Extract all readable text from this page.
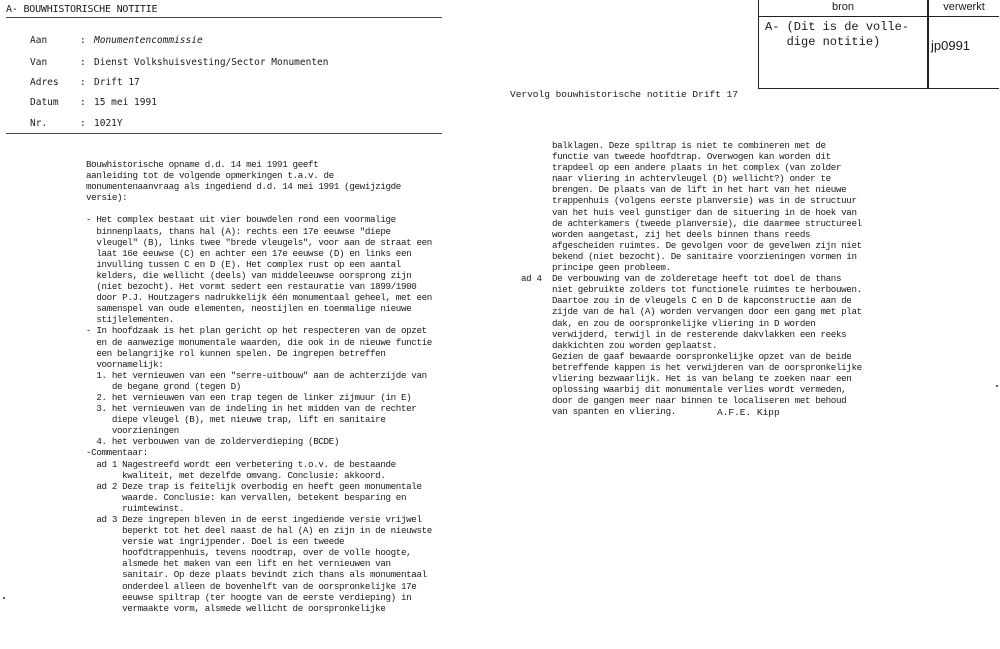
A- BOUWHISTORISCHE NOTITIE
Aan	: Monumentencommissie
Van	: Dienst Volkshuisvesting/Sector Monumenten
Adres : Drift 17
Datum : 15 mei 1991
Nr.	: 1021Y
bron	verwerkt
A- (Dit is de volle-
dige notitie)	jp0991
Vervolg bouwhistorische notitie Drift 17
Bouwhistorische opname d.d. 14 mei 1991 geeft
aanleiding tot de volgende opmerkingen t.a.v. de
monumentenaanvraag als ingediend d.d. 14 mei 1991 (gewijzigde
versie):

- Het complex bestaat uit vier bouwdelen rond een voormalige
binnenplaats, thans hal (A): rechts een 17e eeuwse "diepe
vleugel" (B), links twee "brede vleugels", voor aan de straat een
laat 16e eeuwse (C) en achter een 17e eeuwse (D) en links een
invulling tussen C en D (E). Het complex rust op een aantal
kelders, die wellicht (deels) van middeleeuwse oorsprong zijn
(niet bezocht). Het vormt sedert een restauratie van 1899/1900
door P.J. Houtzagers nadrukkelijk één monumentaal geheel, met een
samenspel van oude elementen, neostijlen en toenmalige nieuwe
stijlelementen.
- In hoofdzaak is het plan gericht op het respecteren van de opzet
en de aanwezige monumentale waarden, die ook in de nieuwe functie
een belangrijke rol kunnen spelen. De ingrepen betreffen
voornamelijk:
1. het vernieuwen van een "serre-uitbouw" aan de achterzijde van
de begane grond (tegen D)
2. het vernieuwen van een trap tegen de linker zijmuur (in E)
3. het vernieuwen van de indeling in het midden van de rechter
diepe vleugel (B), met nieuwe trap, lift en sanitaire
voorzieningen
4. het verbouwen van de zolderverdieping (BCDE)
-Commentaar:
ad 1 Nagestreefd wordt een verbetering t.o.v. de bestaande
kwaliteit, met dezelfde omvang. Conclusie: akkoord.
ad 2 Deze trap is feitelijk overbodig en heeft geen monumentale
waarde. Conclusie: kan vervallen, betekent besparing en
ruimtewinst.
ad 3 Deze ingrepen bleven in de eerst ingediende versie vrijwel
beperkt tot het deel naast de hal (A) en zijn in de nieuwste
versie wat ingrijpender. Doel is een tweede
hoofdtrappenhuis, tevens noodtrap, over de volle hoogte,
alsmede het maken van een lift en het vernieuwen van
sanitair. Op deze plaats bevindt zich thans als monumentaal
onderdeel alleen de bovenhelft van de oorspronkelijke 17e
eeuwse spiltrap (ter hoogte van de eerste verdieping) in
vermaakte vorm, alsmede wellicht de oorspronkelijke
balklagen. Deze spiltrap is niet te combineren met de
functie van tweede hoofdtrap. Overwogen kan worden dit
trapdeel op een andere plaats in het complex (van zolder
naar vliering in achtervleugel (D) wellicht?) onder te
brengen. De plaats van de lift in het hart van het nieuwe
trappenhuis (volgens eerste planversie) was in de structuur
van het huis veel gunstiger dan de situering in de hoek van
de achterkamers (tweede planversie), die daarmee structureel
worden aangetast, zij het deels binnen thans reeds
afgescheiden ruimtes. De gevolgen voor de gevelwen zijn niet
bekend (niet bezocht). De sanitaire voorzieningen vormen in
principe geen probleem.
ad 4  De verbouwing van de zolderetage heeft tot doel de thans
niet gebruikte zolders tot functionele ruimtes te herbouwen.
Daartoe zou in de vleugels C en D de kapconstructie aan de
zijde van de hal (A) worden vervangen door een gang met plat
dak, en zou de oorspronkelijke vliering in D worden
verwijderd, terwijl in de resterende dakvlakken een reeks
dakkichten zou worden geplaatst.
Gezien de gaaf bewaarde oorspronkelijke opzet van de beide
betreffende kappen is het verwijderen van de oorspronkelijke
vliering bezwaarlijk. Het is van belang te zoeken naar een
oplossing waarbij dit monumentale verlies wordt vermeden,
door de gangen meer naar binnen te localiseren met behoud
van spanten en vliering.	A.F.E. Kipp
